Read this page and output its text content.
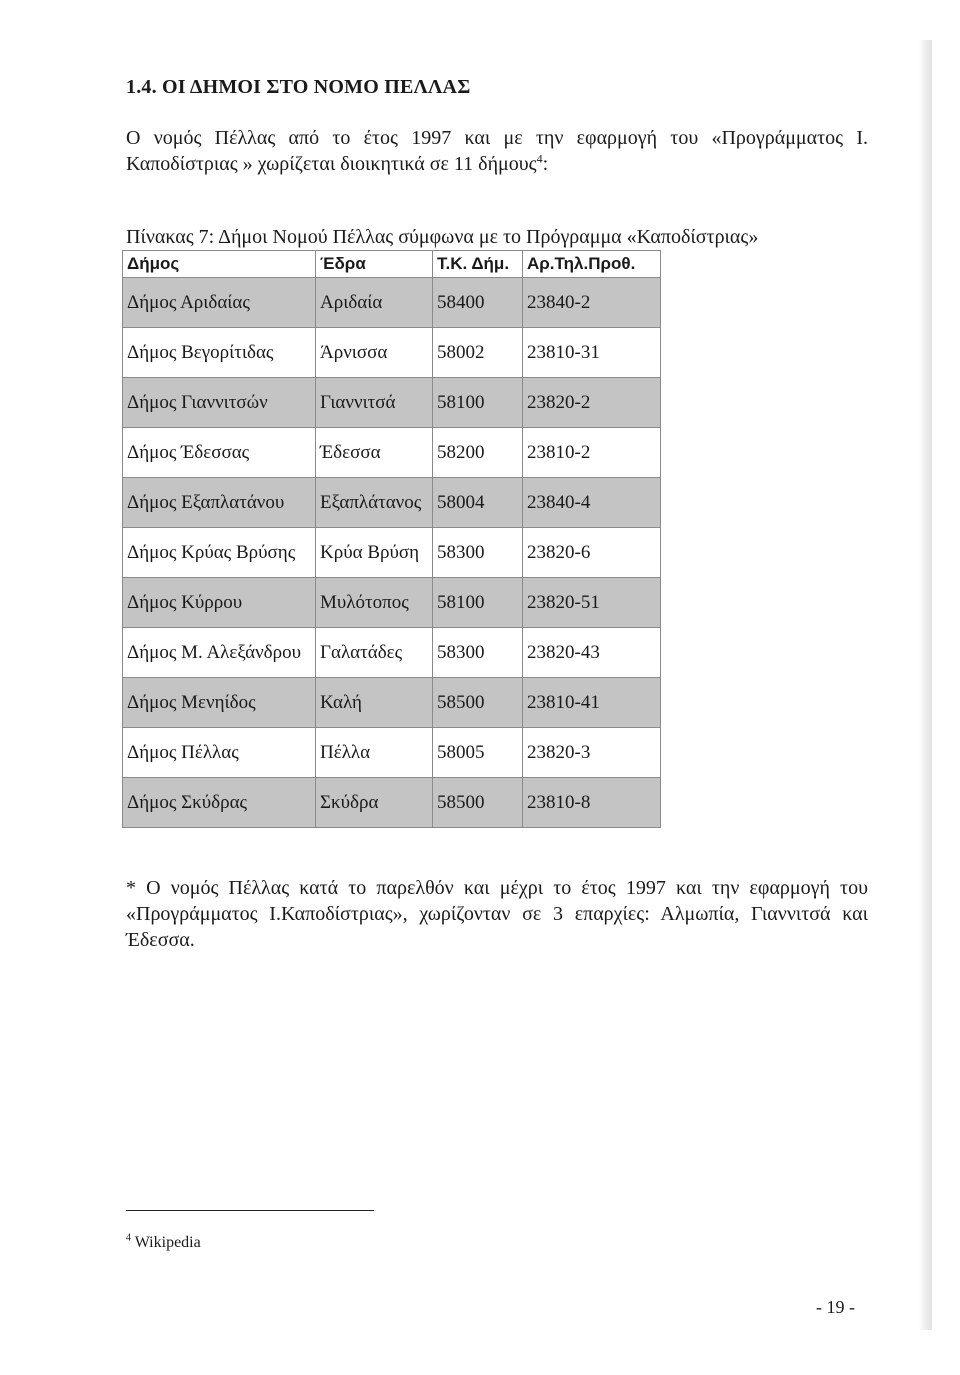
1.4. ΟΙ ΔΗΜΟΙ ΣΤΟ ΝΟΜΟ ΠΕΛΛΑΣ
Ο νομός Πέλλας από το έτος 1997 και με την εφαρμογή του «Προγράμματος Ι.
Καποδίστριας » χωρίζεται διοικητικά σε 11 δήμους$^4$:
Πίνακας 7: Δήμοι Νομού Πέλλας σύμφωνα με το Πρόγραμμα «Καποδίστριας»
Δήμος	Έδρα	Τ.Κ. Δήμ.	Αρ.Τηλ.Προθ.
Δήμος Αριδαίας	Αριδαία	58400	23840-2
Δήμος Βεγορίτιδας	Άρνισσα	58002	23810-31
Δήμος Γιαννιτσών	Γιαννιτσά	58100	23820-2
Δήμος Έδεσσας	Έδεσσα	58200	23810-2
Δήμος Εξαπλατάνου	Εξαπλάτανος	58004	23840-4
Δήμος Κρύας Βρύσης	Κρύα Βρύση	58300	23820-6
Δήμος Κύρρου	Μυλότοπος	58100	23820-51
Δήμος Μ. Αλεξάνδρου	Γαλατάδες	58300	23820-43
Δήμος Μενηίδος	Καλή	58500	23810-41
Δήμος Πέλλας	Πέλλα	58005	23820-3
Δήμος Σκύδρας	Σκύδρα	58500	23810-8
* Ο νομός Πέλλας κατά το παρελθόν και μέχρι το έτος 1997 και την εφαρμογή του
«Προγράμματος Ι.Καποδίστριας», χωρίζονταν σε 3 επαρχίες: Αλμωπία, Γιαννιτσά και
Έδεσσα.
$^4$ Wikipedia
- 19 -
